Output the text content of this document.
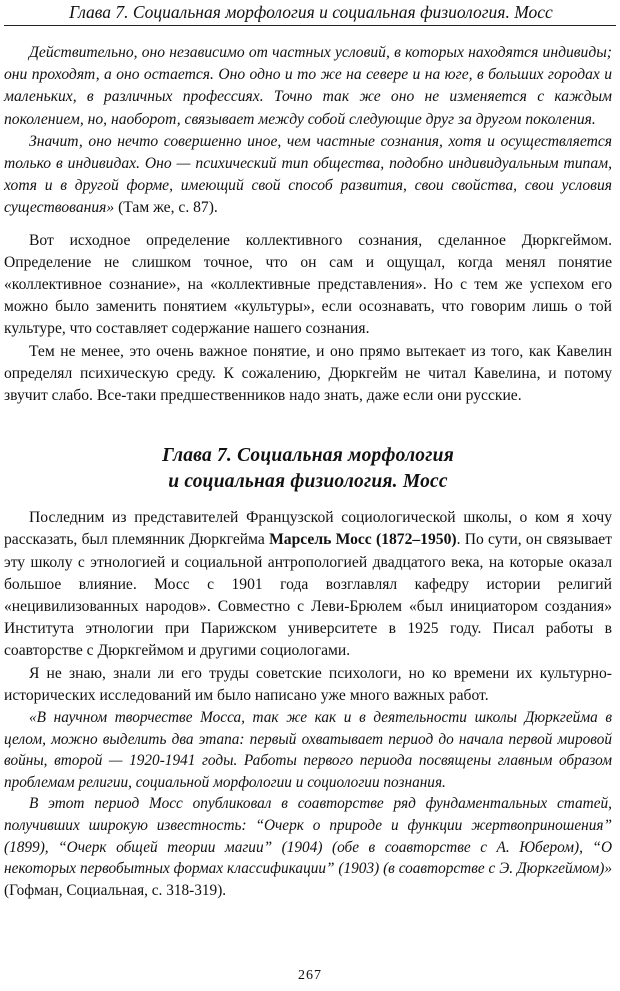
Глава 7. Социальная морфология и социальная физиология. Мосс

Действительно, оно независимо от частных условий, в которых находятся индивиды; они проходят, а оно остается. Оно одно и то же на севере и на юге, в больших городах и маленьких, в различных профессиях. Точно так же оно не изменяется с каждым поколением, но, наоборот, связывает между собой следующие друг за другом поколения.

Значит, оно нечто совершенно иное, чем частные сознания, хотя и осуществляется только в индивидах. Оно — психический тип общества, подобно индивидуальным типам, хотя и в другой форме, имеющий свой способ развития, свои свойства, свои условия существования» (Там же, с. 87).

Вот исходное определение коллективного сознания, сделанное Дюркгеймом. Определение не слишком точное, что он сам и ощущал, когда менял понятие «коллективное сознание», на «коллективные представления». Но с тем же успехом его можно было заменить понятием «культуры», если осознавать, что говорим лишь о той культуре, что составляет содержание нашего сознания.

Тем не менее, это очень важное понятие, и оно прямо вытекает из того, как Кавелин определял психическую среду. К сожалению, Дюркгейм не читал Кавелина, и потому звучит слабо. Все-таки предшественников надо знать, даже если они русские.

Глава 7. Социальная морфология
и социальная физиология. Мосс

Последним из представителей Французской социологической школы, о ком я хочу рассказать, был племянник Дюркгейма Марсель Мосс (1872–1950). По сути, он связывает эту школу с этнологией и социальной антропологией двадцатого века, на которые оказал большое влияние. Мосс с 1901 года возглавлял кафедру истории религий «нецивилизованных народов». Совместно с Леви-Брюлем «был инициатором создания» Института этнологии при Парижском университете в 1925 году. Писал работы в соавторстве с Дюркгеймом и другими социологами.

Я не знаю, знали ли его труды советские психологи, но ко времени их культурно-исторических исследований им было написано уже много важных работ.

«В научном творчестве Мосса, так же как и в деятельности школы Дюркгейма в целом, можно выделить два этапа: первый охватывает период до начала первой мировой войны, второй — 1920-1941 годы. Работы первого периода посвящены главным образом проблемам религии, социальной морфологии и социологии познания.

В этот период Мосс опубликовал в соавторстве ряд фундаментальных статей, получивших широкую известность: “Очерк о природе и функции жертвоприношения” (1899), “Очерк общей теории магии” (1904) (обе в соавторстве с А. Юбером), “О некоторых первобытных формах классификации” (1903) (в соавторстве с Э. Дюркгеймом)» (Гофман, Социальная, с. 318-319).

267
